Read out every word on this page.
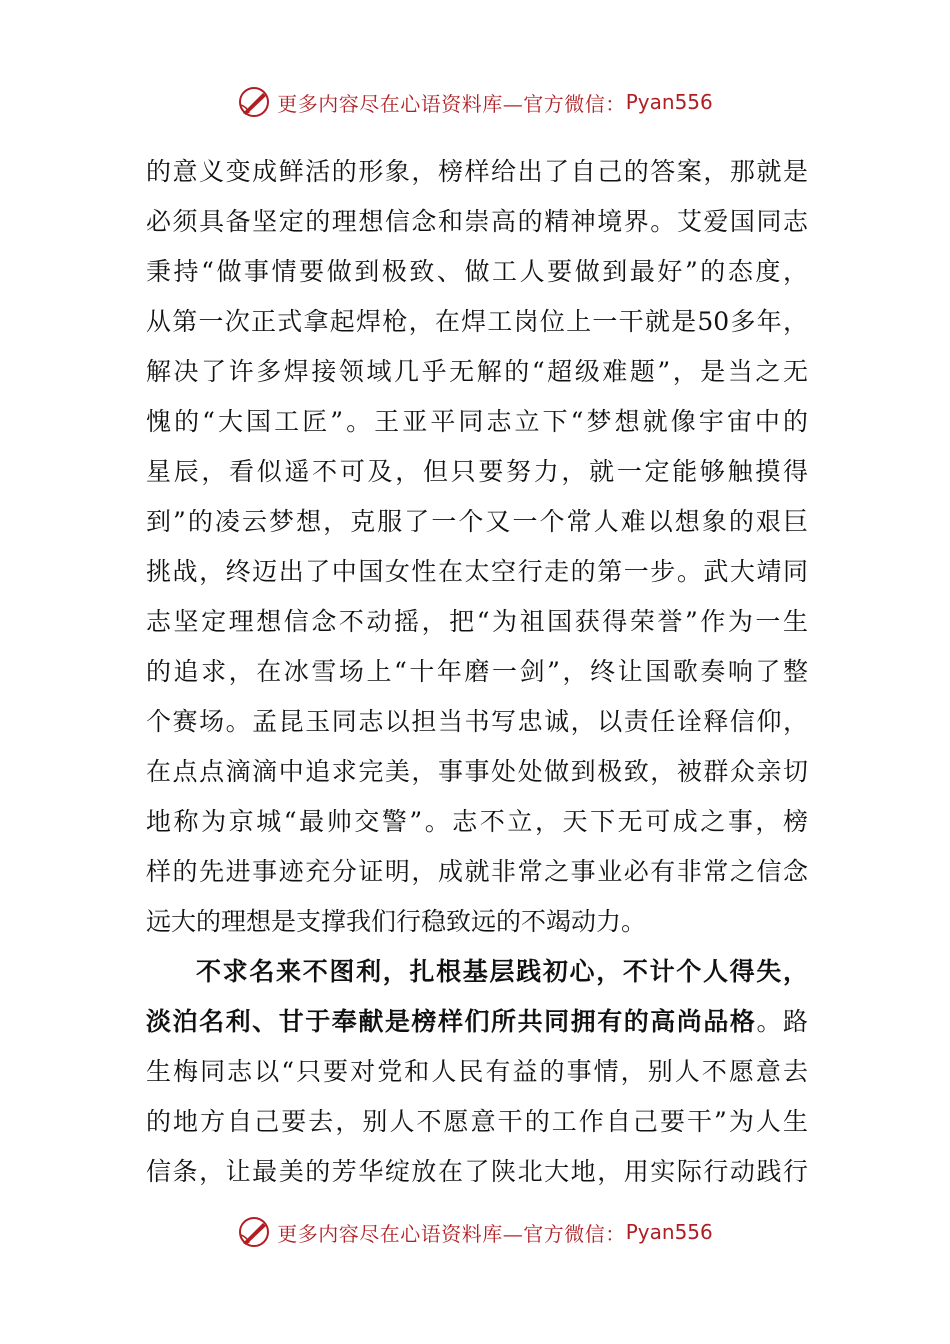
更多内容尽在心语资料库—官方微信： Pyan556
的意义变成鲜活的形象，榜样给出了自己的答案，那就是
必须具备坚定的理想信念和崇高的精神境界。艾爱国同志
秉持“做事情要做到极致、做工人要做到最好”的态度，
从第一次正式拿起焊枪，在焊工岗位上一干就是50多年，
解决了许多焊接领域几乎无解的“超级难题”，是当之无
愧的“大国工匠”。王亚平同志立下“梦想就像宇宙中的
星辰，看似遥不可及，但只要努力，就一定能够触摸得
到”的凌云梦想，克服了一个又一个常人难以想象的艰巨
挑战，终迈出了中国女性在太空行走的第一步。武大靖同
志坚定理想信念不动摇，把“为祖国获得荣誉”作为一生
的追求，在冰雪场上“十年磨一剑”，终让国歌奏响了整
个赛场。孟昆玉同志以担当书写忠诚，以责任诠释信仰，
在点点滴滴中追求完美，事事处处做到极致，被群众亲切
地称为京城“最帅交警”。志不立，天下无可成之事，榜
样的先进事迹充分证明，成就非常之事业必有非常之信念
远大的理想是支撑我们行稳致远的不竭动力。
不求名来不图利，扎根基层践初心，不计个人得失，
淡泊名利、甘于奉献是榜样们所共同拥有的高尚品格。路
生梅同志以“只要对党和人民有益的事情，别人不愿意去
的地方自己要去，别人不愿意干的工作自己要干”为人生
信条，让最美的芳华绽放在了陕北大地，用实际行动践行
更多内容尽在心语资料库—官方微信： Pyan556
